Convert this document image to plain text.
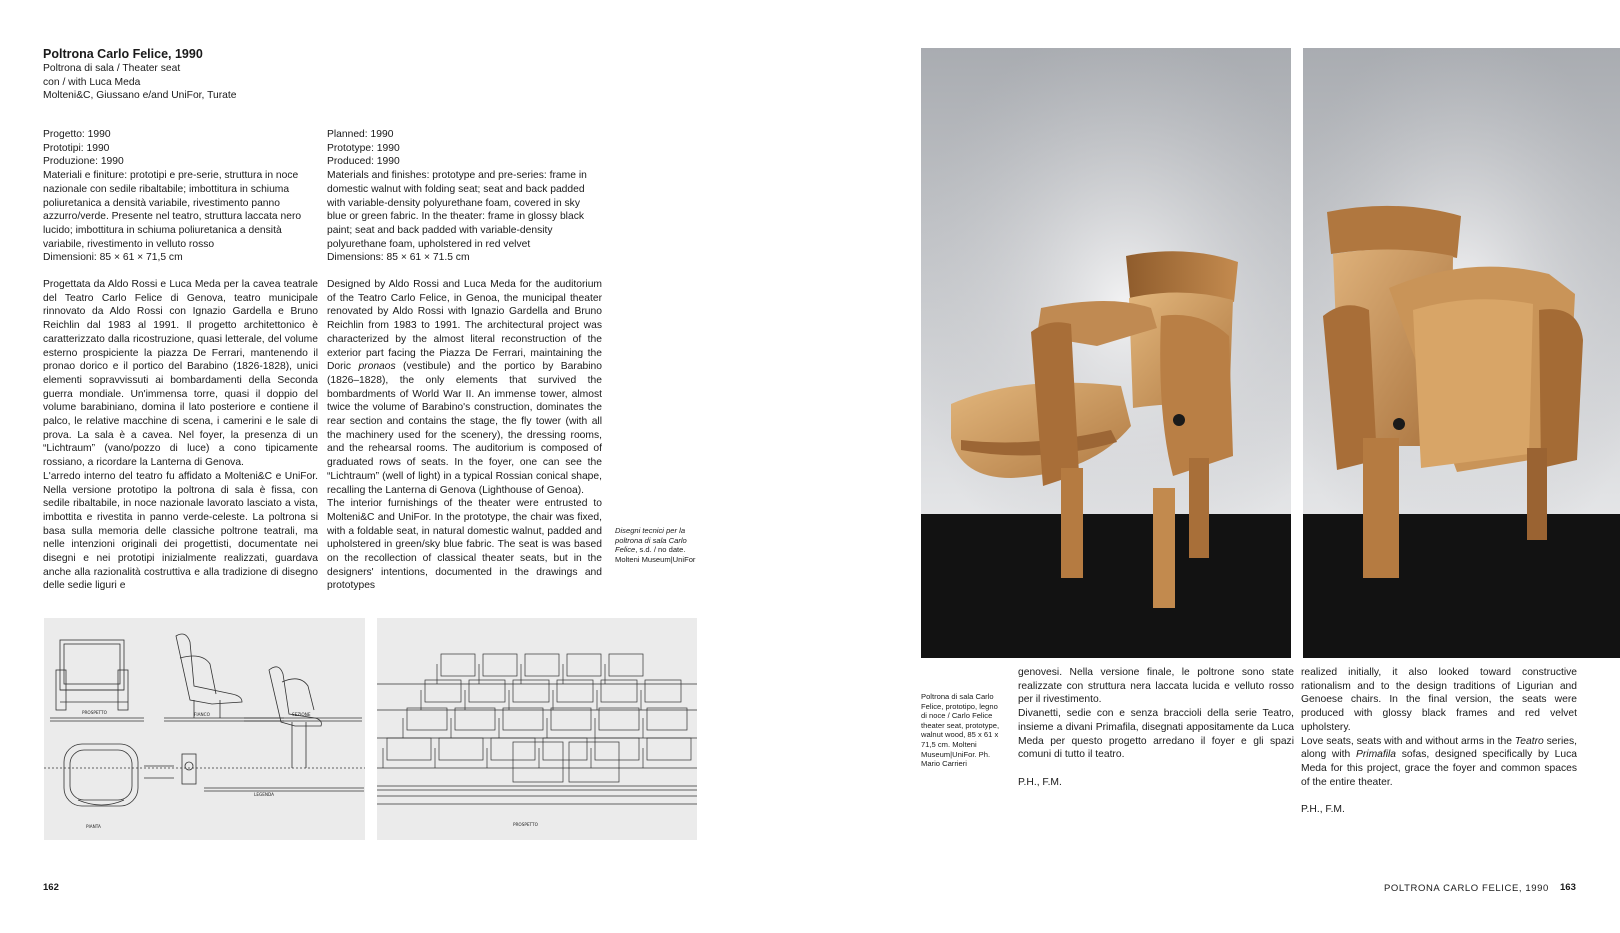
Poltrona Carlo Felice, 1990
Poltrona di sala / Theater seat
con / with Luca Meda
Molteni&C, Giussano e/and UniFor, Turate

Progetto: 1990

Prototipi: 1990

Produzione: 1990

Materiali e finiture: prototipi e pre-serie, struttura in noce nazionale con sedile ribaltabile; imbottitura in schiuma poliuretanica a densità variabile, rivestimento panno azzurro/verde. Presente nel teatro, struttura laccata nero lucido; imbottitura in schiuma poliuretanica a densità variabile, rivestimento in velluto rosso

Dimensioni: 85 × 61 × 71,5 cm

Planned: 1990

Prototype: 1990

Produced: 1990

Materials and finishes: prototype and pre-series: frame in domestic walnut with folding seat; seat and back padded with variable-density polyurethane foam, covered in sky blue or green fabric. In the theater: frame in glossy black paint; seat and back padded with variable-density polyurethane foam, upholstered in red velvet

Dimensions: 85 × 61 × 71.5 cm

Progettata da Aldo Rossi e Luca Meda per la cavea teatrale del Teatro Carlo Felice di Genova, teatro municipale rinnovato da Aldo Rossi con Ignazio Gardella e Bruno Reichlin dal 1983 al 1991. Il progetto architettonico è caratterizzato dalla ricostruzione, quasi letterale, del volume esterno prospiciente la piazza De Ferrari, mantenendo il pronao dorico e il portico del Barabino (1826-1828), unici elementi sopravvissuti ai bombardamenti della Seconda guerra mondiale. Un'immensa torre, quasi il doppio del volume barabiniano, domina il lato posteriore e contiene il palco, le relative macchine di scena, i camerini e le sale di prova. La sala è a cavea. Nel foyer, la presenza di un “Lichtraum” (vano/pozzo di luce) a cono tipicamente rossiano, a ricordare la Lanterna di Genova.

L'arredo interno del teatro fu affidato a Molteni&C e UniFor. Nella versione prototipo la poltrona di sala è fissa, con sedile ribaltabile, in noce nazionale lavorato lasciato a vista, imbottita e rivestita in panno verde-celeste. La poltrona si basa sulla memoria delle classiche poltrone teatrali, ma nelle intenzioni originali dei progettisti, documentate nei disegni e nei prototipi inizialmente realizzati, guardava anche alla razionalità costruttiva e alla tradizione di disegno delle sedie liguri e

Designed by Aldo Rossi and Luca Meda for the auditorium of the Teatro Carlo Felice, in Genoa, the municipal theater renovated by Aldo Rossi with Ignazio Gardella and Bruno Reichlin from 1983 to 1991. The architectural project was characterized by the almost literal reconstruction of the exterior part facing the Piazza De Ferrari, maintaining the Doric pronaos (vestibule) and the portico by Barabino (1826–1828), the only elements that survived the bombardments of World War II. An immense tower, almost twice the volume of Barabino's construction, dominates the rear section and contains the stage, the fly tower (with all the machinery used for the scenery), the dressing rooms, and the rehearsal rooms. The auditorium is composed of graduated rows of seats. In the foyer, one can see the “Lichtraum” (well of light) in a typical Rossian conical shape, recalling the Lanterna di Genova (Lighthouse of Genoa).

The interior furnishings of the theater were entrusted to Molteni&C and UniFor. In the prototype, the chair was fixed, with a foldable seat, in natural domestic walnut, padded and upholstered in green/sky blue fabric. The seat is was based on the recollection of classical theater seats, but in the designers' intentions, documented in the drawings and prototypes

Disegni tecnici per la poltrona di sala Carlo Felice, s.d. / no date.
Molteni Museum|UniFor
PROSPETTO	FIANCO	SEZIONE
PIANTA
LEGENDA
PROSPETTO
162
Poltrona di sala Carlo Felice, prototipo, legno di noce / Carlo Felice theater seat, prototype, walnut wood, 85 x 61 x 71,5 cm. Molteni Museum|UniFor. Ph. Mario Carrieri

genovesi. Nella versione finale, le poltrone sono state realizzate con struttura nera laccata lucida e velluto rosso per il rivestimento.

Divanetti, sedie con e senza braccioli della serie Teatro, insieme a divani Primafila, disegnati appositamente da Luca Meda per questo progetto arredano il foyer e gli spazi comuni di tutto il teatro.

P.H., F.M.

realized initially, it also looked toward constructive rationalism and to the design traditions of Ligurian and Genoese chairs. In the final version, the seats were produced with glossy black frames and red velvet upholstery.
Love seats, seats with and without arms in the Teatro series, along with Primafila sofas, designed specifically by Luca Meda for this project, grace the foyer and common spaces of the entire theater.

P.H., F.M.

POLTRONA CARLO FELICE, 1990 163
